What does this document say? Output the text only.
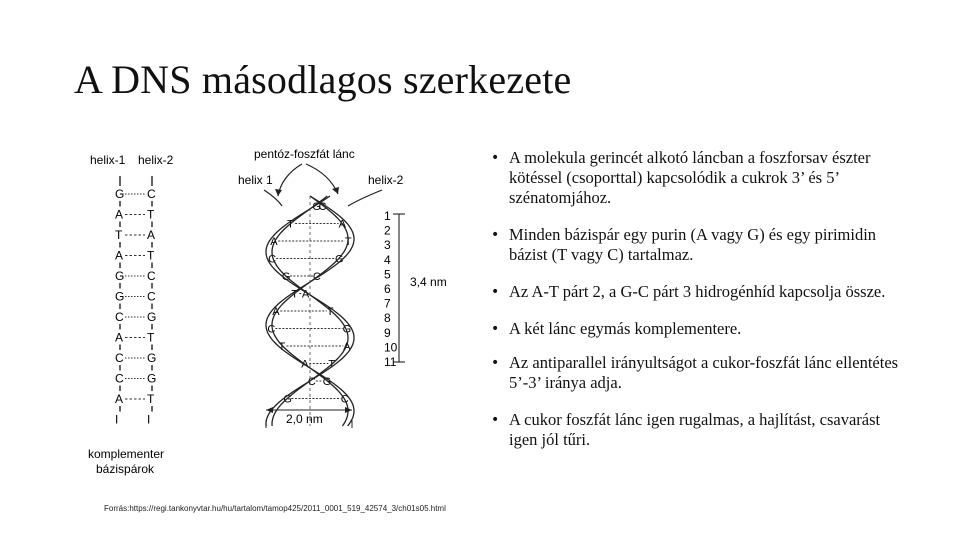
A DNS másodlagos szerkezete
helix-1 helix-2
G C
A T
T A
A T
G C
G C
C G
A T
C G
C G
A T
I I
komplementer
bázispárok
pentóz-foszfát lánc
helix 1	helix-2
G
C
T	A
A	T
C	G
G C
T A
A	T
C	G
T	A
A T
C G
G	C
1
2
3
4
5
6
7
8
9
10
11
3,4 nm
2,0 nm
Forrás:https://regi.tankonyvtar.hu/hu/tartalom/tamop425/2011_0001_519_42574_3/ch01s05.html
• A molekula gerincét alkotó láncban a foszforsav észter kötéssel (csoporttal) kapcsolódik a cukrok 3’ és 5’ szénatomjához.
• Minden bázispár egy purin (A vagy G) és egy pirimidin bázist (T vagy C) tartalmaz.
• Az A-T párt 2, a G-C párt 3 hidrogénhíd kapcsolja össze.
• A két lánc egymás komplementere.
• Az antiparallel irányultságot a cukor-foszfát lánc ellentétes 5’-3’ iránya adja.
• A cukor foszfát lánc igen rugalmas, a hajlítást, csavarást igen jól tűri.
